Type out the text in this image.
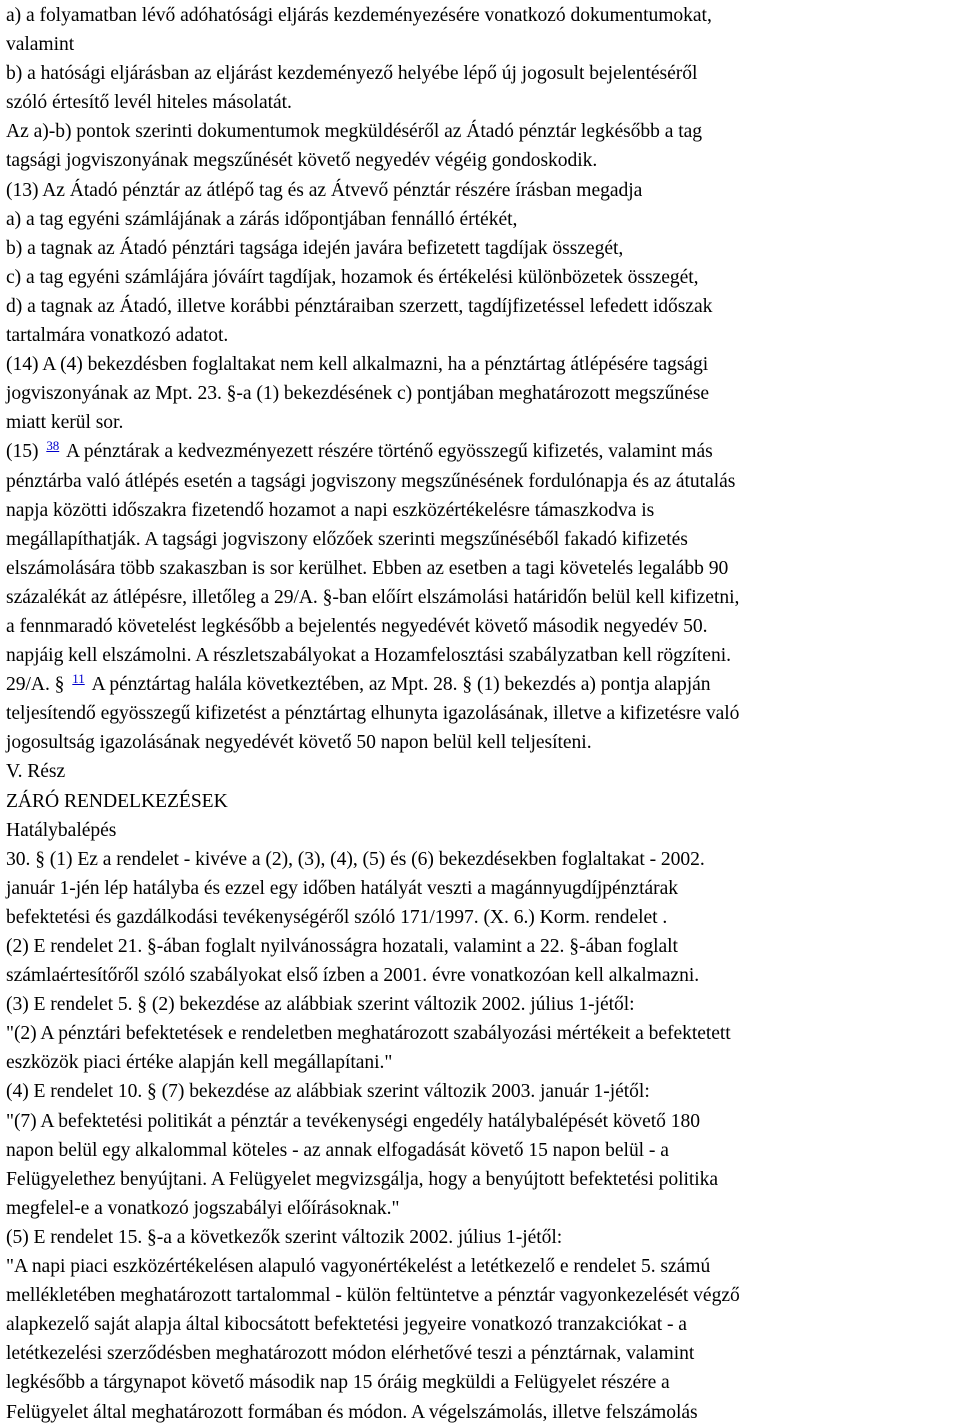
a) a folyamatban lévő adóhatósági eljárás kezdeményezésére vonatkozó dokumentumokat,
valamint
b) a hatósági eljárásban az eljárást kezdeményező helyébe lépő új jogosult bejelentéséről
szóló értesítő levél hiteles másolatát.
Az a)-b) pontok szerinti dokumentumok megküldéséről az Átadó pénztár legkésőbb a tag
tagsági jogviszonyának megszűnését követő negyedév végéig gondoskodik.
(13) Az Átadó pénztár az átlépő tag és az Átvevő pénztár részére írásban megadja
a) a tag egyéni számlájának a zárás időpontjában fennálló értékét,
b) a tagnak az Átadó pénztári tagsága idején javára befizetett tagdíjak összegét,
c) a tag egyéni számlájára jóváírt tagdíjak, hozamok és értékelési különbözetek összegét,
d) a tagnak az Átadó, illetve korábbi pénztáraiban szerzett, tagdíjfizetéssel lefedett időszak
tartalmára vonatkozó adatot.
(14) A (4) bekezdésben foglaltakat nem kell alkalmazni, ha a pénztártag átlépésére tagsági
jogviszonyának az Mpt. 23. §-a (1) bekezdésének c) pontjában meghatározott megszűnése
miatt kerül sor.
(15) $^{38}$ A pénztárak a kedvezményezett részére történő egyösszegű kifizetés, valamint más
pénztárba való átlépés esetén a tagsági jogviszony megszűnésének fordulónapja és az átutalás
napja közötti időszakra fizetendő hozamot a napi eszközértékelésre támaszkodva is
megállapíthatják. A tagsági jogviszony előzőek szerinti megszűnéséből fakadó kifizetés
elszámolására több szakaszban is sor kerülhet. Ebben az esetben a tagi követelés legalább 90
százalékát az átlépésre, illetőleg a 29/A. §-ban előírt elszámolási határidőn belül kell kifizetni,
a fennmaradó követelést legkésőbb a bejelentés negyedévét követő második negyedév 50.
napjáig kell elszámolni. A részletszabályokat a Hozamfelosztási szabályzatban kell rögzíteni.
29/A. § $^{11}$ A pénztártag halála következtében, az Mpt. 28. § (1) bekezdés a) pontja alapján
teljesítendő egyösszegű kifizetést a pénztártag elhunyta igazolásának, illetve a kifizetésre való
jogosultság igazolásának negyedévét követő 50 napon belül kell teljesíteni.
V. Rész
ZÁRÓ RENDELKEZÉSEK
Hatálybalépés
30. § (1) Ez a rendelet - kivéve a (2), (3), (4), (5) és (6) bekezdésekben foglaltakat - 2002.
január 1-jén lép hatályba és ezzel egy időben hatályát veszti a magánnyugdíjpénztárak
befektetési és gazdálkodási tevékenységéről szóló 171/1997. (X. 6.) Korm. rendelet .
(2) E rendelet 21. §-ában foglalt nyilvánosságra hozatali, valamint a 22. §-ában foglalt
számlaértesítőről szóló szabályokat első ízben a 2001. évre vonatkozóan kell alkalmazni.
(3) E rendelet 5. § (2) bekezdése az alábbiak szerint változik 2002. július 1-jétől:
"(2) A pénztári befektetések e rendeletben meghatározott szabályozási mértékeit a befektetett
eszközök piaci értéke alapján kell megállapítani."
(4) E rendelet 10. § (7) bekezdése az alábbiak szerint változik 2003. január 1-jétől:
"(7) A befektetési politikát a pénztár a tevékenységi engedély hatálybalépését követő 180
napon belül egy alkalommal köteles - az annak elfogadását követő 15 napon belül - a
Felügyelethez benyújtani. A Felügyelet megvizsgálja, hogy a benyújtott befektetési politika
megfelel-e a vonatkozó jogszabályi előírásoknak."
(5) E rendelet 15. §-a a következők szerint változik 2002. július 1-jétől:
"A napi piaci eszközértékelésen alapuló vagyonértékelést a letétkezelő e rendelet 5. számú
mellékletében meghatározott tartalommal - külön feltüntetve a pénztár vagyonkezelését végző
alapkezelő saját alapja által kibocsátott befektetési jegyeire vonatkozó tranzakciókat - a
letétkezelési szerződésben meghatározott módon elérhetővé teszi a pénztárnak, valamint
legkésőbb a tárgynapot követő második nap 15 óráig megküldi a Felügyelet részére a
Felügyelet által meghatározott formában és módon. A végelszámolás, illetve felszámolás
